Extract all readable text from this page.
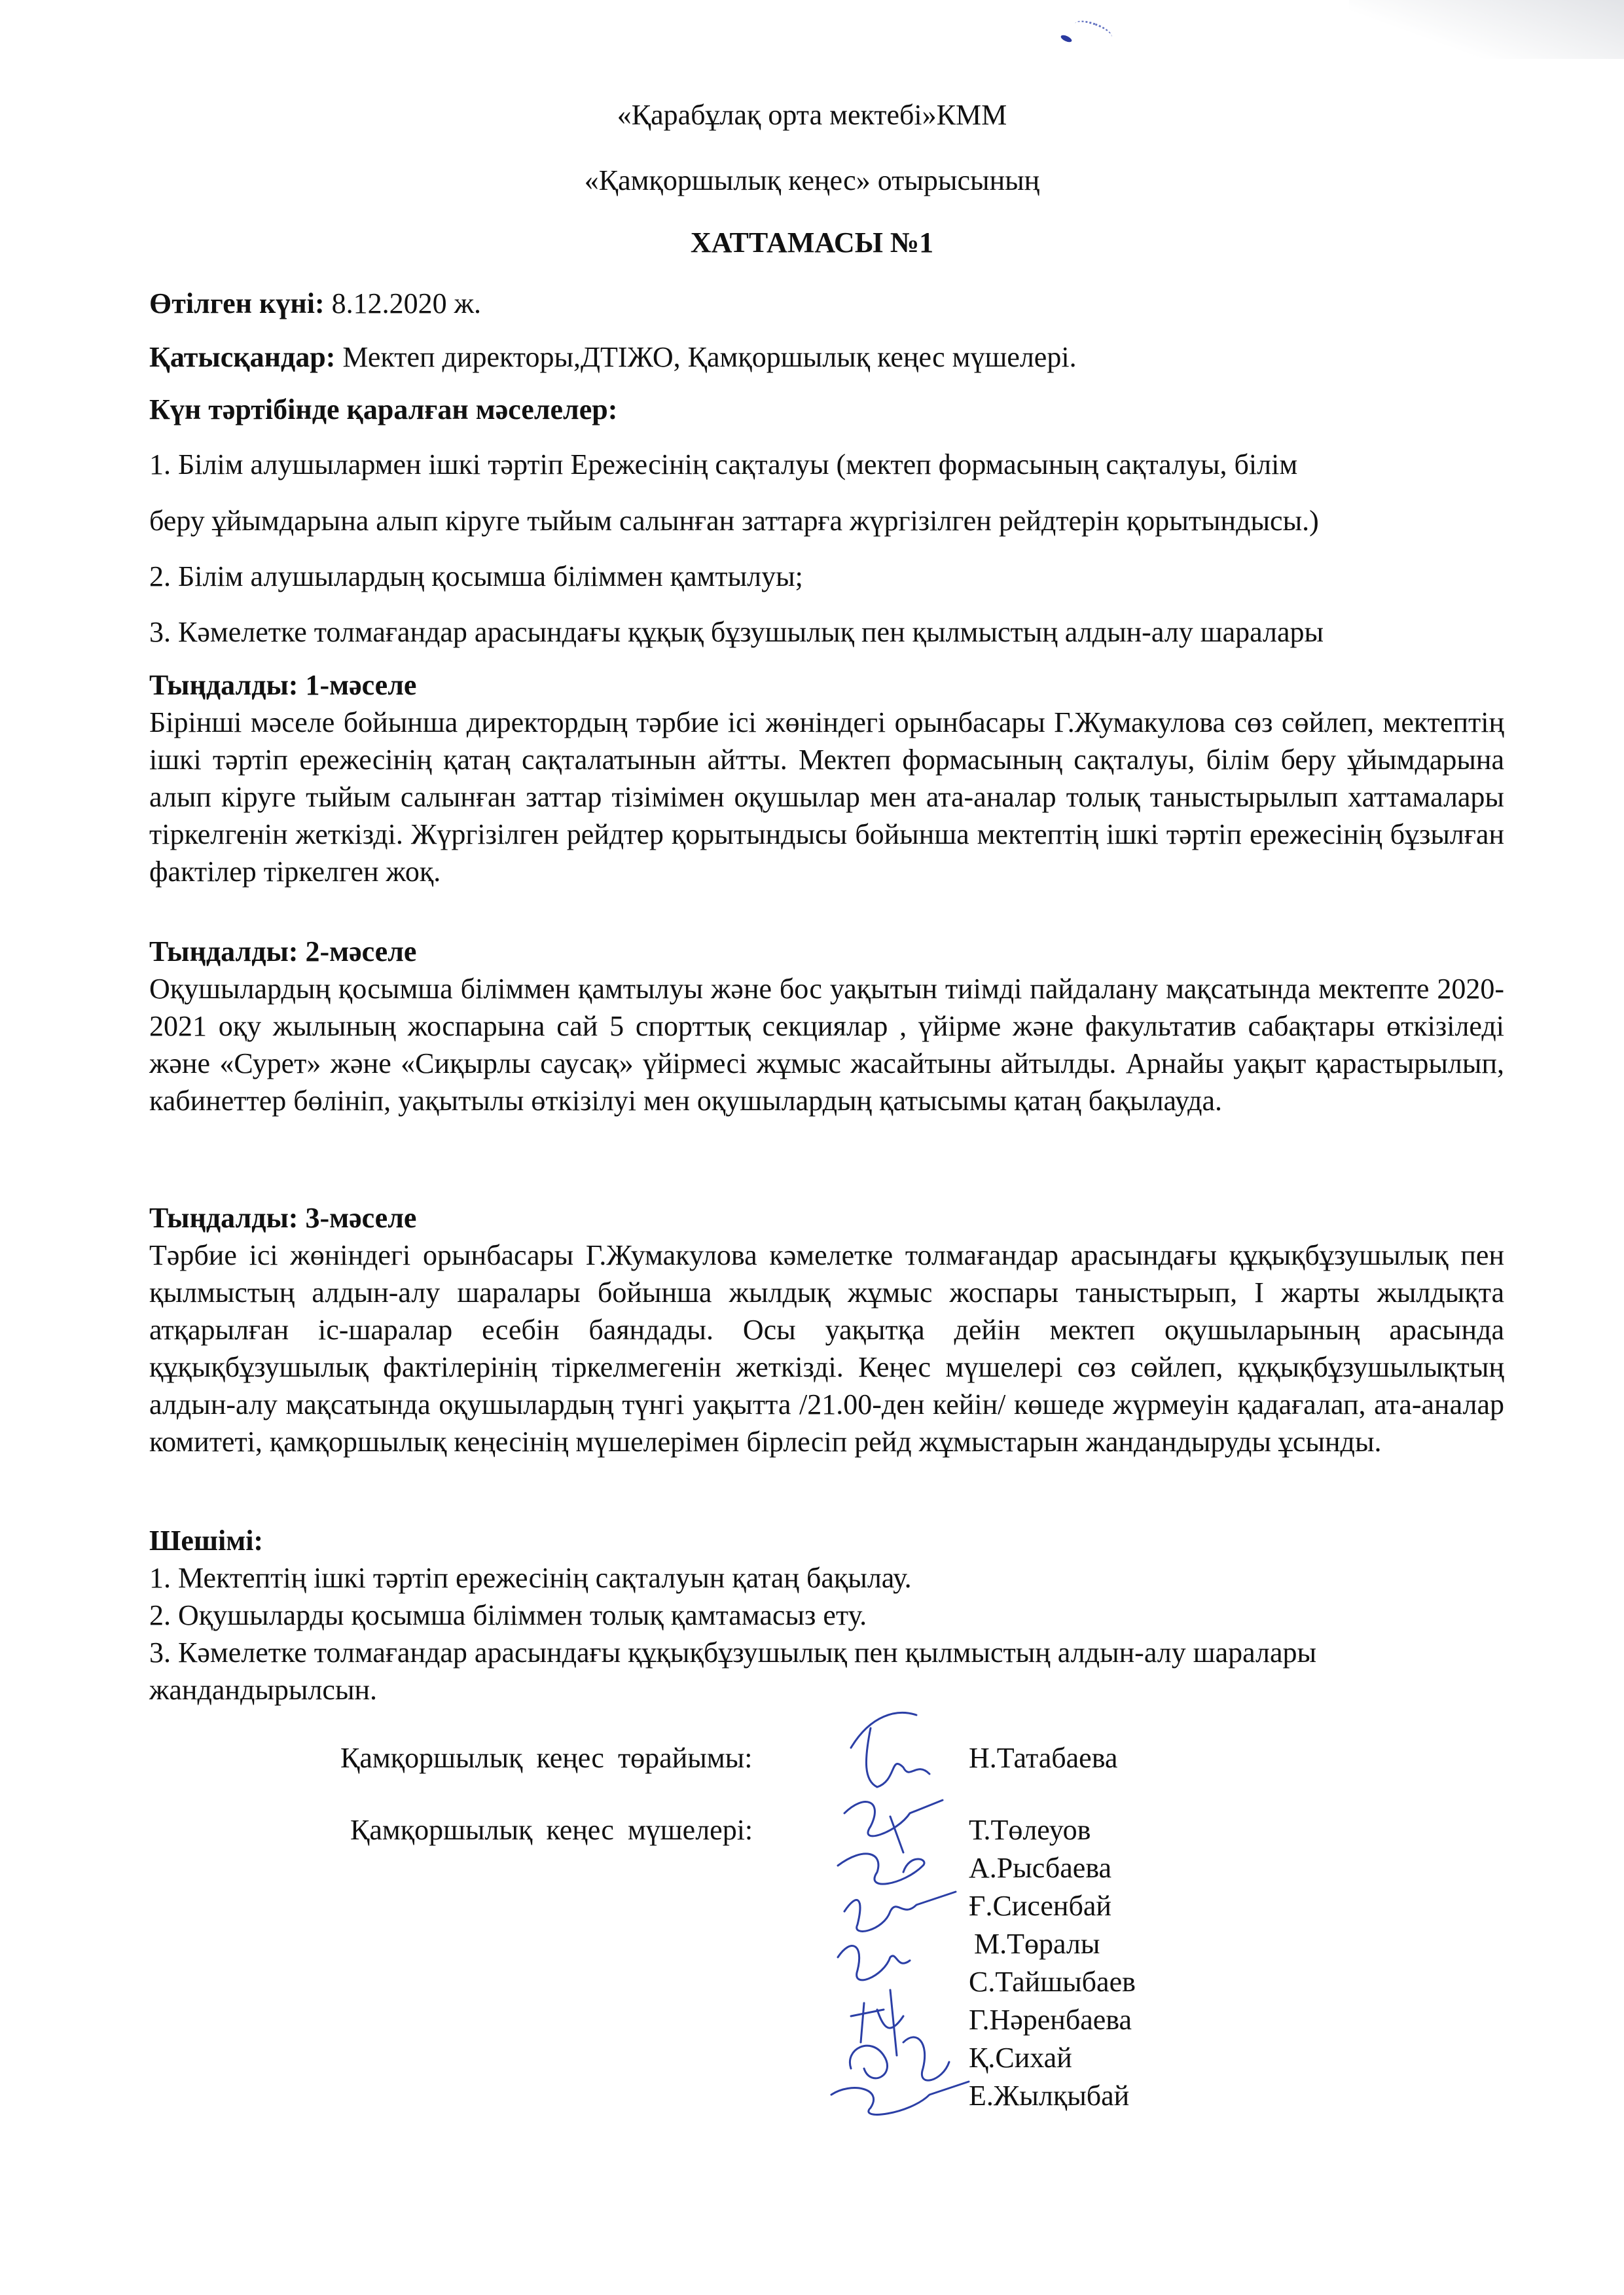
«Қарабұлақ орта мектебі»КММ
«Қамқоршылық кеңес» отырысының
ХАТТАМАСЫ №1
Өтілген күні: 8.12.2020 ж.
Қатысқандар: Мектеп директоры,ДТІЖО, Қамқоршылық кеңес мүшелері.
Күн тәртібінде қаралған мәселелер:
1. Білім алушылармен ішкі тәртіп Ережесінің сақталуы (мектеп формасының сақталуы, білім
беру ұйымдарына алып кіруге тыйым салынған заттарға жүргізілген рейдтерін қорытындысы.)
2. Білім алушылардың қосымша біліммен қамтылуы;
3. Кәмелетке толмағандар арасындағы құқық бұзушылық пен қылмыстың алдын-алу шаралары
Тыңдалды: 1-мәселе
Бірінші мәселе бойынша директордың тәрбие ісі жөніндегі орынбасары Г.Жумакулова сөз сөйлеп, мектептің ішкі тәртіп ережесінің қатаң сақталатынын айтты. Мектеп формасының сақталуы, білім беру ұйымдарына алып кіруге тыйым салынған заттар тізімімен оқушылар мен ата-аналар толық таныстырылып хаттамалары тіркелгенін жеткізді. Жүргізілген рейдтер қорытындысы бойынша мектептің ішкі тәртіп ережесінің бұзылған фактілер тіркелген жоқ.
Тыңдалды: 2-мәселе
Оқушылардың қосымша біліммен қамтылуы және бос уақытын тиімді пайдалану мақсатында мектепте 2020-2021 оқу жылының жоспарына сай 5 спорттық секциялар , үйірме және факультатив сабақтары өткізіледі және «Сурет» және «Сиқырлы саусақ» үйірмесі жұмыс жасайтыны айтылды. Арнайы уақыт қарастырылып, кабинеттер бөлініп, уақытылы өткізілуі мен оқушылардың қатысымы қатаң бақылауда.
Тыңдалды: 3-мәселе
Тәрбие ісі жөніндегі орынбасары Г.Жумакулова кәмелетке толмағандар арасындағы құқықбұзушылық пен қылмыстың алдын-алу шаралары бойынша жылдық жұмыс жоспары таныстырып, І жарты жылдықта атқарылған іс-шаралар есебін баяндады. Осы уақытқа дейін мектеп оқушыларының арасында құқықбұзушылық фактілерінің тіркелмегенін жеткізді. Кеңес мүшелері сөз сөйлеп, құқықбұзушылықтың алдын-алу мақсатында оқушылардың түнгі уақытта /21.00-ден кейін/ көшеде жүрмеуін қадағалап, ата-аналар комитеті, қамқоршылық кеңесінің мүшелерімен бірлесіп рейд жұмыстарын жандандыруды ұсынды.
Шешімі:
1. Мектептің ішкі тәртіп ережесінің сақталуын қатаң бақылау.
2. Оқушыларды қосымша біліммен толық қамтамасыз ету.
3. Кәмелетке толмағандар арасындағы құқықбұзушылық пен қылмыстың алдын-алу шаралары жандандырылсын.
Қамқоршылық кеңес төрайымы:	Н.Татабаева
Қамқоршылық кеңес мүшелері:	Т.Төлеуов
А.Рысбаева
Ғ.Сисенбай
М.Төралы
С.Тайшыбаев
Г.Нәренбаева
Қ.Сихай
Е.Жылқыбай
